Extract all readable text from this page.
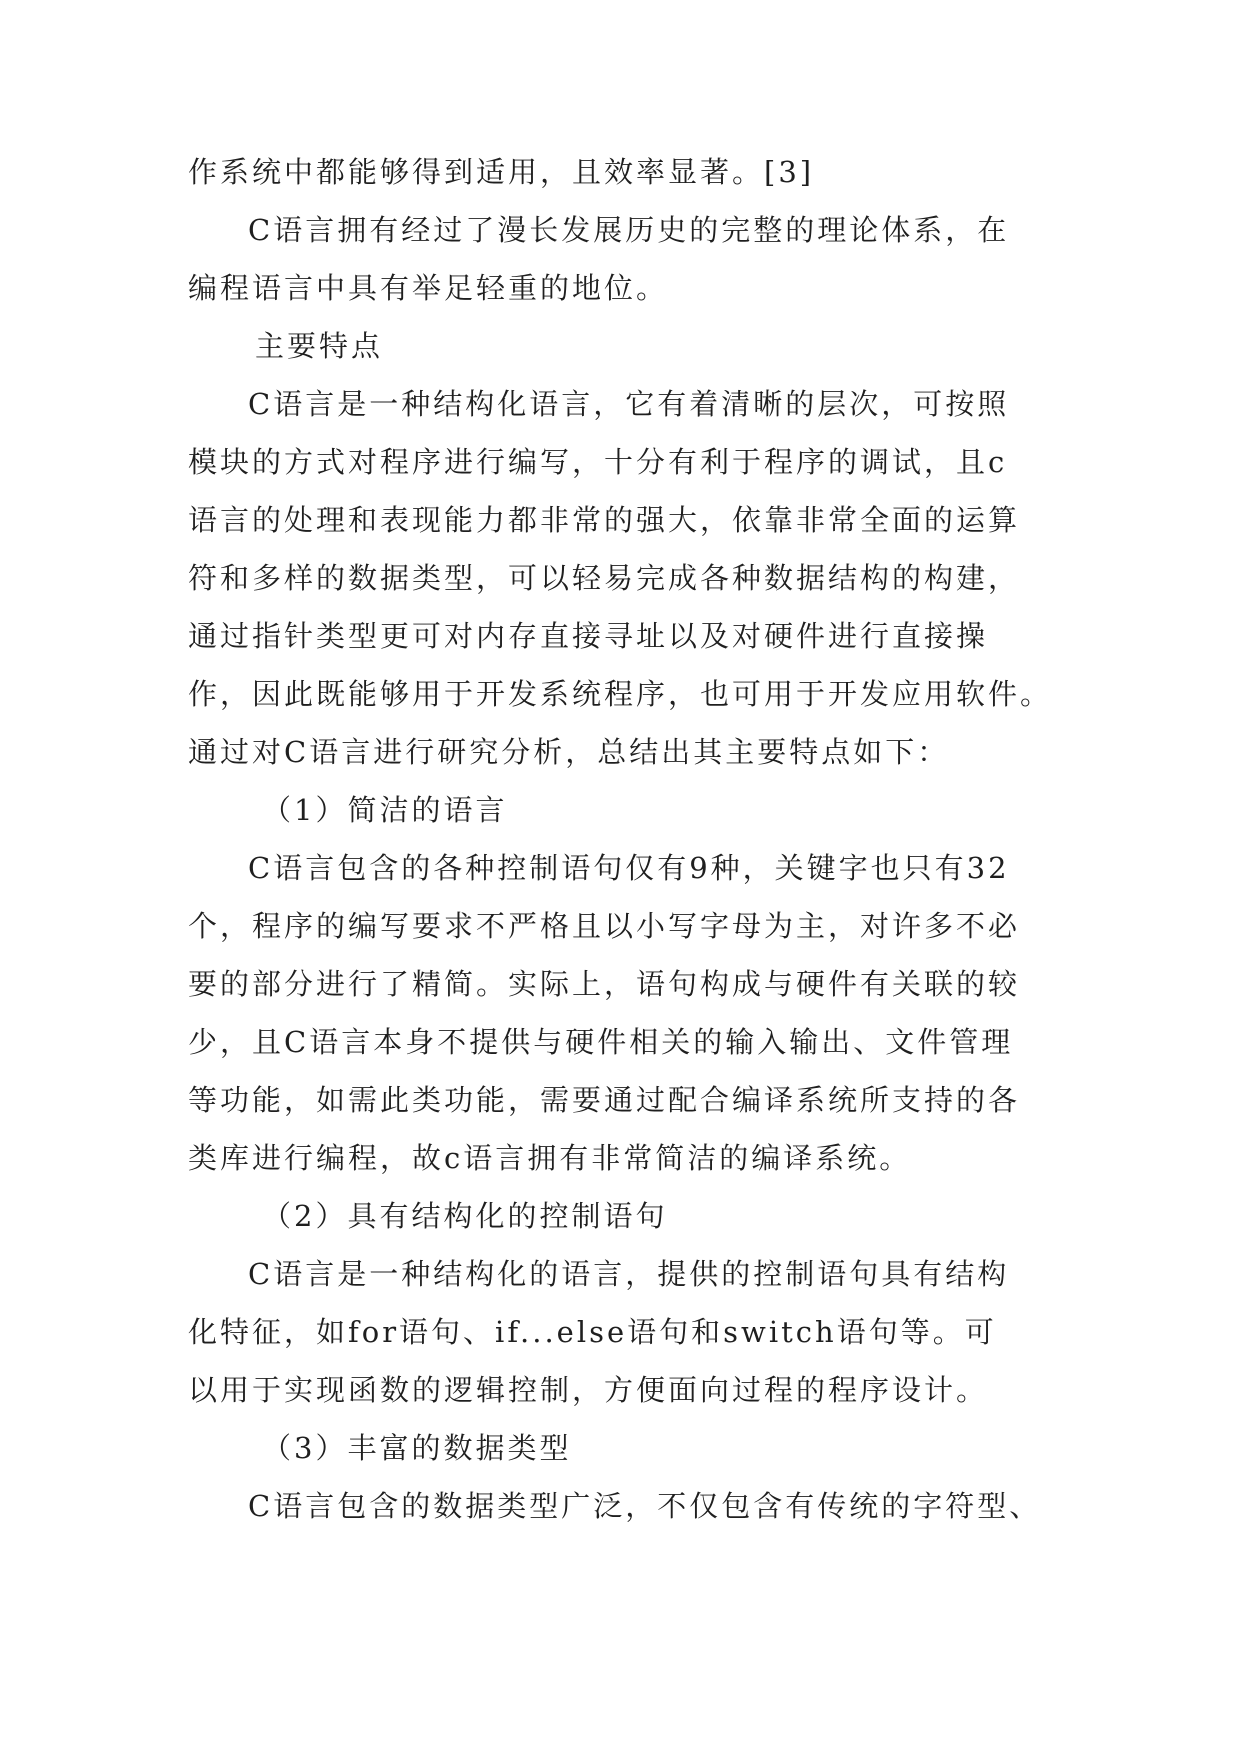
作系统中都能够得到适用，且效率显著。[3]
C语言拥有经过了漫长发展历史的完整的理论体系，在
编程语言中具有举足轻重的地位。
主要特点
C语言是一种结构化语言，它有着清晰的层次，可按照
模块的方式对程序进行编写，十分有利于程序的调试，且c
语言的处理和表现能力都非常的强大，依靠非常全面的运算
符和多样的数据类型，可以轻易完成各种数据结构的构建，
通过指针类型更可对内存直接寻址以及对硬件进行直接操
作，因此既能够用于开发系统程序，也可用于开发应用软件。
通过对C语言进行研究分析，总结出其主要特点如下：
（1）简洁的语言
C语言包含的各种控制语句仅有9种，关键字也只有32
个，程序的编写要求不严格且以小写字母为主，对许多不必
要的部分进行了精简。实际上，语句构成与硬件有关联的较
少，且C语言本身不提供与硬件相关的输入输出、文件管理
等功能，如需此类功能，需要通过配合编译系统所支持的各
类库进行编程，故c语言拥有非常简洁的编译系统。
（2）具有结构化的控制语句
C语言是一种结构化的语言，提供的控制语句具有结构
化特征，如for语句、if...else语句和switch语句等。可
以用于实现函数的逻辑控制，方便面向过程的程序设计。
（3）丰富的数据类型
C语言包含的数据类型广泛，不仅包含有传统的字符型、
